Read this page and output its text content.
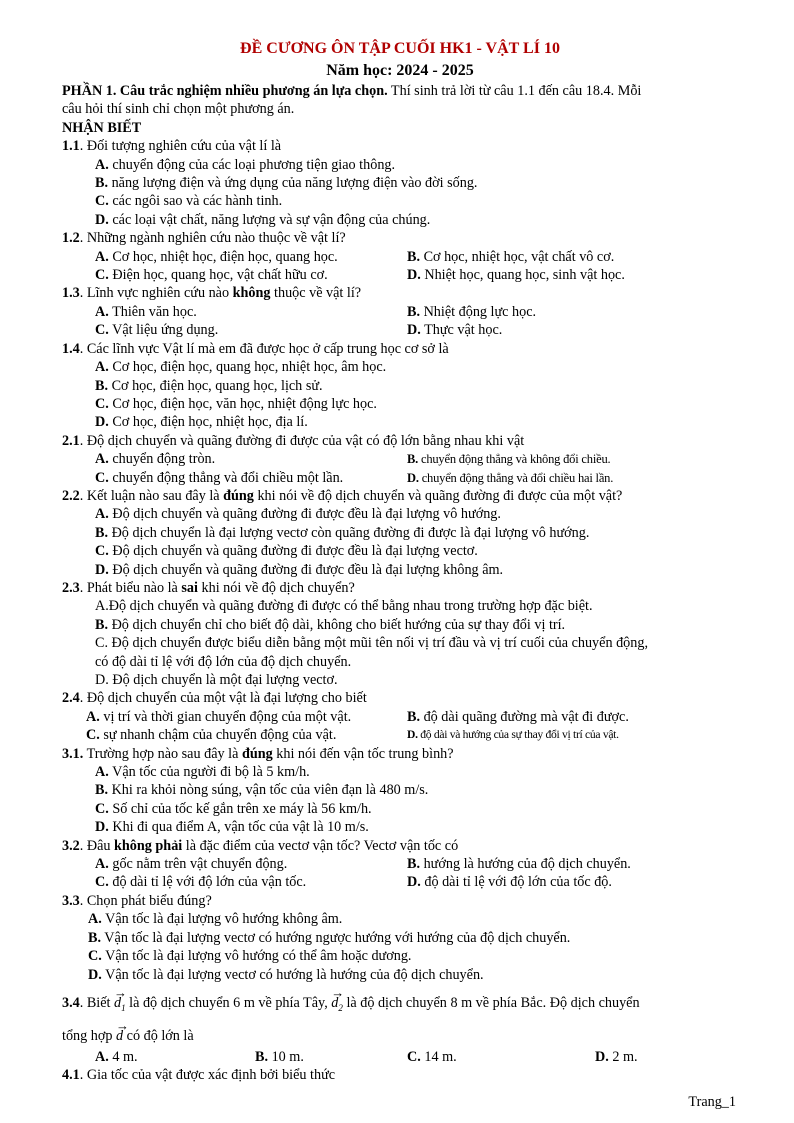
ĐỀ CƯƠNG ÔN TẬP CUỐI HK1 - VẬT LÍ 10
Năm học: 2024 - 2025
PHẦN 1. Câu trắc nghiệm nhiều phương án lựa chọn. Thí sinh trả lời từ câu 1.1 đến câu 18.4. Mỗi
câu hỏi thí sinh chỉ chọn một phương án.
NHẬN BIẾT
1.1. Đối tượng nghiên cứu của vật lí là
A. chuyển động của các loại phương tiện giao thông.
B. năng lượng điện và ứng dụng của năng lượng điện vào đời sống.
C. các ngôi sao và các hành tinh.
D. các loại vật chất, năng lượng và sự vận động của chúng.
1.2. Những ngành nghiên cứu nào thuộc về vật lí?
A. Cơ học, nhiệt học, điện học, quang học.	B. Cơ học, nhiệt học, vật chất vô cơ.
C. Điện học, quang học, vật chất hữu cơ.	D. Nhiệt học, quang học, sinh vật học.
1.3. Lĩnh vực nghiên cứu nào không thuộc về vật lí?
A. Thiên văn học.	B. Nhiệt động lực học.
C. Vật liệu ứng dụng.	D. Thực vật học.
1.4. Các lĩnh vực Vật lí mà em đã được học ở cấp trung học cơ sở là
A. Cơ học, điện học, quang học, nhiệt học, âm học.
B. Cơ học, điện học, quang học, lịch sử.
C. Cơ học, điện học, văn học, nhiệt động lực học.
D. Cơ học, điện học, nhiệt học, địa lí.
2.1. Độ dịch chuyển và quãng đường đi được của vật có độ lớn bằng nhau khi vật
A. chuyển động tròn.	B. chuyển động thẳng và không đổi chiều.
C. chuyển động thẳng và đổi chiều một lần.	D. chuyển động thẳng và đổi chiều hai lần.
2.2. Kết luận nào sau đây là đúng khi nói về độ dịch chuyển và quãng đường đi được của một vật?
A. Độ dịch chuyển và quãng đường đi được đều là đại lượng vô hướng.
B. Độ dịch chuyển là đại lượng vectơ còn quãng đường đi được là đại lượng vô hướng.
C. Độ dịch chuyển và quãng đường đi được đều là đại lượng vectơ.
D. Độ dịch chuyển và quãng đường đi được đều là đại lượng không âm.
2.3. Phát biểu nào là sai khi nói về độ dịch chuyển?
A.Độ dịch chuyển và quãng đường đi được có thể bằng nhau trong trường hợp đặc biệt.
B. Độ dịch chuyển chỉ cho biết độ dài, không cho biết hướng của sự thay đổi vị trí.
C. Độ dịch chuyển được biểu diễn bằng một mũi tên nối vị trí đầu và vị trí cuối của chuyển động,
có độ dài tỉ lệ với độ lớn của độ dịch chuyển.
D. Độ dịch chuyển là một đại lượng vectơ.
2.4. Độ dịch chuyển của một vật là đại lượng cho biết
A. vị trí và thời gian chuyển động của một vật.	B. độ dài quãng đường mà vật đi được.
C. sự nhanh chậm của chuyển động của vật.	D. độ dài và hướng của sự thay đổi vị trí của vật.
3.1. Trường hợp nào sau đây là đúng khi nói đến vận tốc trung bình?
A. Vận tốc của người đi bộ là 5 km/h.
B. Khi ra khỏi nòng súng, vận tốc của viên đạn là 480 m/s.
C. Số chỉ của tốc kế gắn trên xe máy là 56 km/h.
D. Khi đi qua điểm A, vận tốc của vật là 10 m/s.
3.2. Đâu không phải là đặc điểm của vectơ vận tốc? Vectơ vận tốc có
A. gốc nằm trên vật chuyển động.	B. hướng là hướng của độ dịch chuyển.
C. độ dài tỉ lệ với độ lớn của vận tốc.	D. độ dài tỉ lệ với độ lớn của tốc độ.
3.3. Chọn phát biểu đúng?
A. Vận tốc là đại lượng vô hướng không âm.
B. Vận tốc là đại lượng vectơ có hướng ngược hướng với hướng của độ dịch chuyển.
C. Vận tốc là đại lượng vô hướng có thể âm hoặc dương.
D. Vận tốc là đại lượng vectơ có hướng là hướng của độ dịch chuyển.
3.4. Biết → $d_1$ là độ dịch chuyển 6 m về phía Tây, → $d_2$ là độ dịch chuyển 8 m về phía Bắc. Độ dịch chuyển
tổng hợp → d có độ lớn là
A. 4 m.	B. 10 m.	C. 14 m.	D. 2 m.
4.1. Gia tốc của vật được xác định bởi biểu thức
Trang_1
